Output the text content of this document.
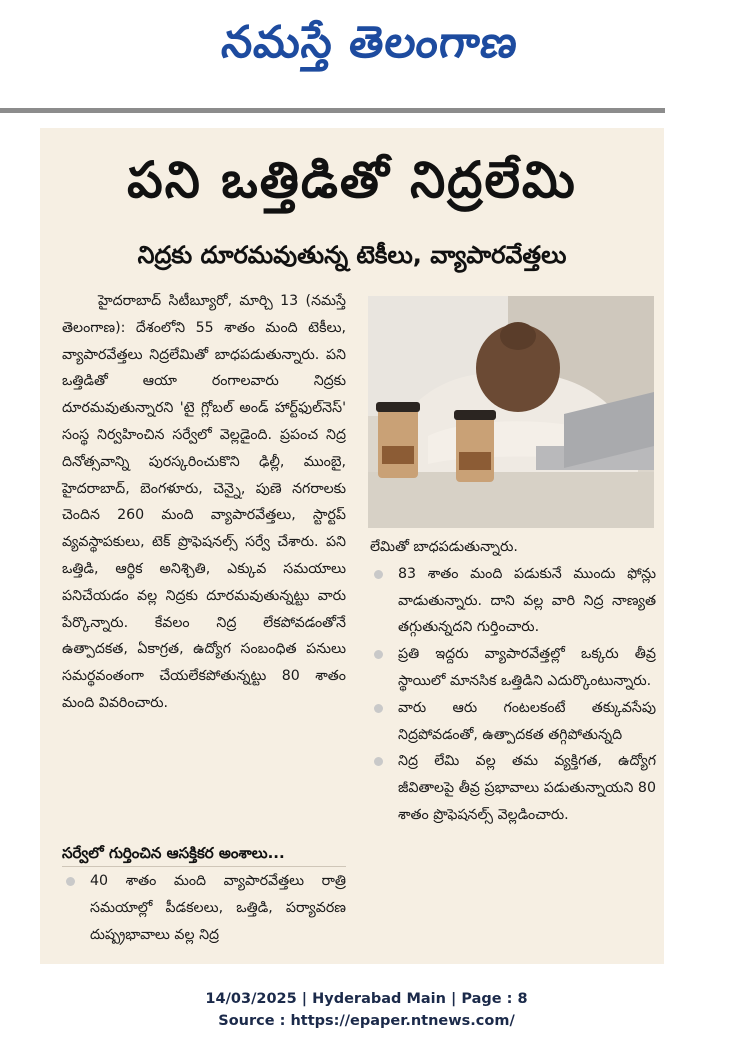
నమస్తే తెలంగాణ
పని ఒత్తిడితో నిద్రలేమి
నిద్రకు దూరమవుతున్న టెకీలు, వ్యాపారవేత్తలు

హైదరాబాద్ సిటీబ్యూరో, మార్చి 13 (నమస్తే తెలంగాణ): దేశంలోని 55 శాతం మంది టెకీలు, వ్యాపారవేత్తలు నిద్రలేమితో బాధపడుతున్నారు. పని ఒత్తిడితో ఆయా రంగాలవారు నిద్రకు దూరమవుతున్నారని 'టై గ్లోబల్ అండ్ హార్ట్‌ఫుల్‌నెస్' సంస్థ నిర్వహించిన సర్వేలో వెల్లడైంది. ప్రపంచ నిద్ర దినోత్సవాన్ని పురస్కరించుకొని ఢిల్లీ, ముంబై, హైదరాబాద్, బెంగళూరు, చెన్నై, పుణె నగరాలకు చెందిన 260 మంది వ్యాపారవేత్తలు, స్టార్టప్ వ్యవస్థాపకులు, టెక్ ప్రొఫెషనల్స్ సర్వే చేశారు. పని ఒత్తిడి, ఆర్థిక అనిశ్చితి, ఎక్కువ సమయాలు పనిచేయడం వల్ల నిద్రకు దూరమవుతున్నట్టు వారు పేర్కొన్నారు. కేవలం నిద్ర లేకపోవడంతోనే ఉత్పాదకత, ఏకాగ్రత, ఉద్యోగ సంబంధిత పనులు సమర్థవంతంగా చేయలేకపోతున్నట్టు 80 శాతం మంది వివరించారు.

లేమితో బాధపడుతున్నారు.

83 శాతం మంది పడుకునే ముందు ఫోన్లు వాడుతున్నారు. దాని వల్ల వారి నిద్ర నాణ్యత తగ్గుతున్నదని గుర్తించారు.
ప్రతి ఇద్దరు వ్యాపారవేత్తల్లో ఒక్కరు తీవ్ర స్థాయిలో మానసిక ఒత్తిడిని ఎదుర్కొంటున్నారు.
వారు ఆరు గంటలకంటే తక్కువసేపు నిద్రపోవడంతో, ఉత్పాదకత తగ్గిపోతున్నది
నిద్ర లేమి వల్ల తమ వ్యక్తిగత, ఉద్యోగ జీవితాలపై తీవ్ర ప్రభావాలు పడుతున్నాయని 80 శాతం ప్రొఫెషనల్స్ వెల్లడించారు.
సర్వేలో గుర్తించిన ఆసక్తికర అంశాలు...
40 శాతం మంది వ్యాపారవేత్తలు రాత్రి సమయాల్లో పీడకలలు, ఒత్తిడి, పర్యావరణ దుష్ప్రభావాలు వల్ల నిద్ర
14/03/2025 | Hyderabad Main | Page : 8
Source : https://epaper.ntnews.com/
